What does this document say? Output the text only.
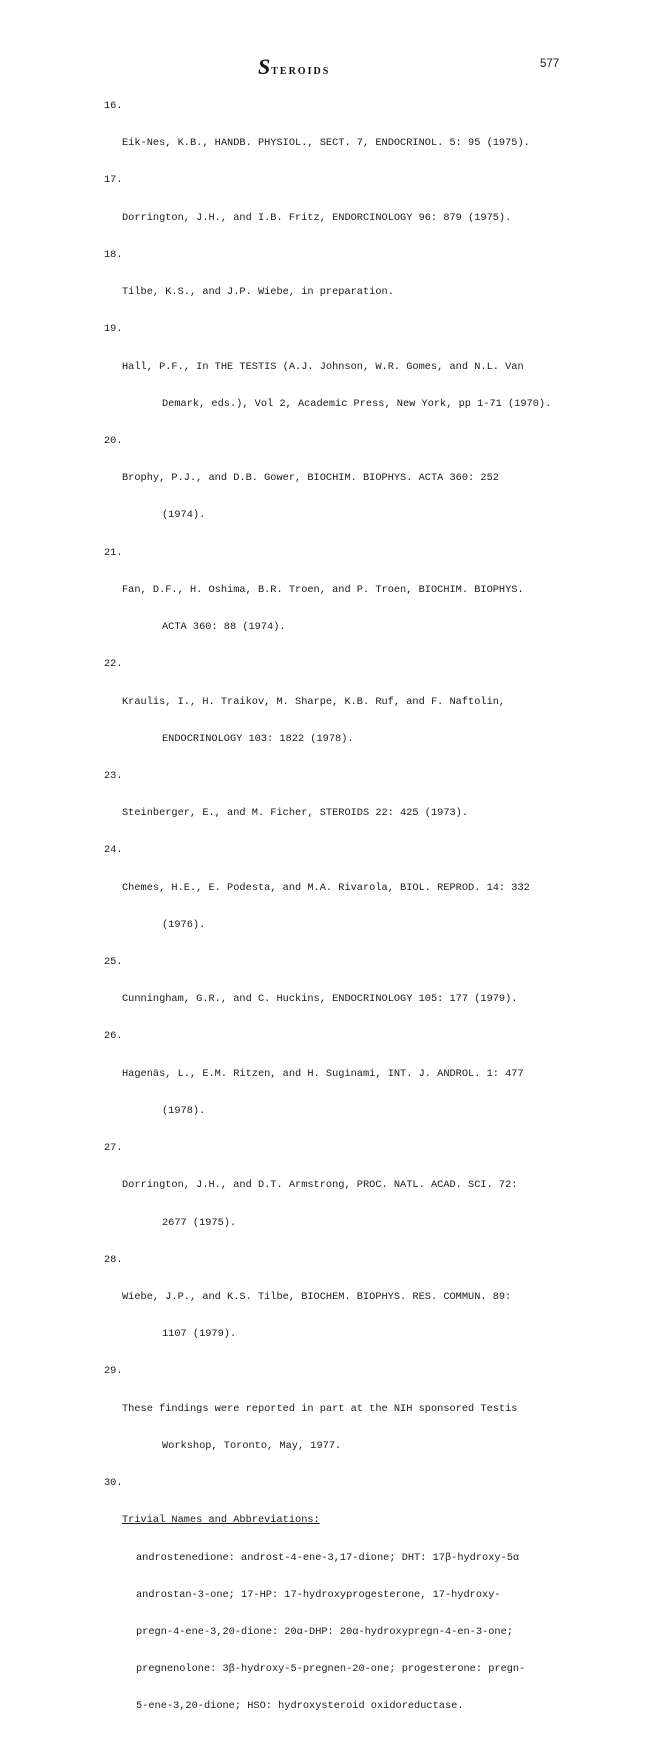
STEROIDS
577

16.

Eik-Nes, K.B., HANDB. PHYSIOL., SECT. 7, ENDOCRINOL. 5: 95 (1975).

17.

Dorrington, J.H., and I.B. Fritz, ENDORCINOLOGY 96: 879 (1975).

18.

Tilbe, K.S., and J.P. Wiebe, in preparation.

19.

Hall, P.F., In THE TESTIS (A.J. Johnson, W.R. Gomes, and N.L. Van

Demark, eds.), Vol 2, Academic Press, New York, pp 1-71 (1970).

20.

Brophy, P.J., and D.B. Gower, BIOCHIM. BIOPHYS. ACTA 360: 252

(1974).

21.

Fan, D.F., H. Oshima, B.R. Troen, and P. Troen, BIOCHIM. BIOPHYS.

ACTA 360: 88 (1974).

22.

Kraulis, I., H. Traikov, M. Sharpe, K.B. Ruf, and F. Naftolin,

ENDOCRINOLOGY 103: 1822 (1978).

23.

Steinberger, E., and M. Ficher, STEROIDS 22: 425 (1973).

24.

Chemes, H.E., E. Podesta, and M.A. Rivarola, BIOL. REPROD. 14: 332

(1976).

25.

Cunningham, G.R., and C. Huckins, ENDOCRINOLOGY 105: 177 (1979).

26.

Hagenäs, L., E.M. Ritzen, and H. Suginami, INT. J. ANDROL. 1: 477

(1978).

27.

Dorrington, J.H., and D.T. Armstrong, PROC. NATL. ACAD. SCI. 72:

2677 (1975).

28.

Wiebe, J.P., and K.S. Tilbe, BIOCHEM. BIOPHYS. RES. COMMUN. 89:

1107 (1979).

29.

These findings were reported in part at the NIH sponsored Testis

Workshop, Toronto, May, 1977.

30.

Trivial Names and Abbreviations:

androstenedione: androst-4-ene-3,17-dione; DHT: 17β-hydroxy-5α

androstan-3-one; 17-HP: 17-hydroxyprogesterone, 17-hydroxy-

pregn-4-ene-3,20-dione: 20α-DHP: 20α-hydroxypregn-4-en-3-one;

pregnenolone: 3β-hydroxy-5-pregnen-20-one; progesterone: pregn-

5-ene-3,20-dione; HSO: hydroxysteroid oxidoreductase.
